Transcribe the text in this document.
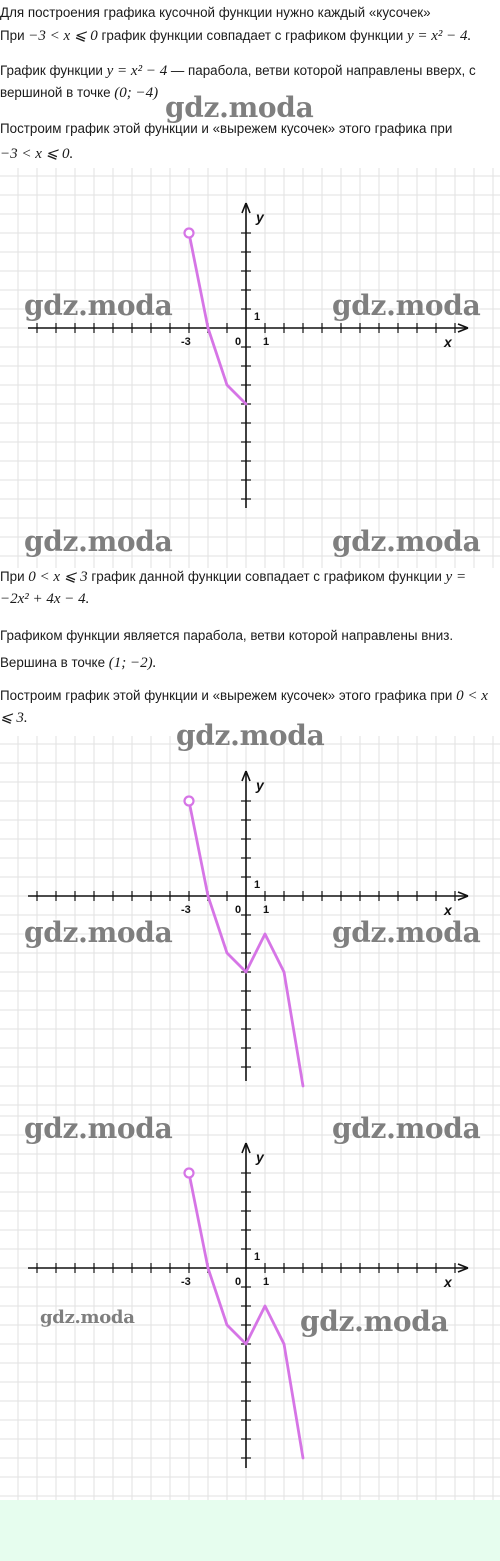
Для построения графика кусочной функции нужно каждый «кусочек»

При −3 < x ⩽ 0 график функции совпадает с графиком функции y = x² − 4.

График функции y = x² − 4 — парабола, ветви которой направлены вверх, с вершиной в точке (0; −4)

Построим график этой функции и «вырежем кусочек» этого графика при

−3 < x ⩽ 0.

gdz.moda
y
x
0 1
1
-3
gdz.moda	gdz.moda
gdz.moda	gdz.moda

При 0 < x ⩽ 3 график данной функции совпадает с графиком функции y = −2x² + 4x − 4.

Графиком функции является парабола, ветви которой направлены вниз.

Вершина в точке (1; −2).

Построим график этой функции и «вырежем кусочек» этого графика при 0 < x ⩽ 3.

y
x
0 1
1
-3
gdz.moda
gdz.moda	gdz.moda
y
x
0 1
1
-3
gdz.moda	gdz.moda
gdz.moda	gdz.moda
